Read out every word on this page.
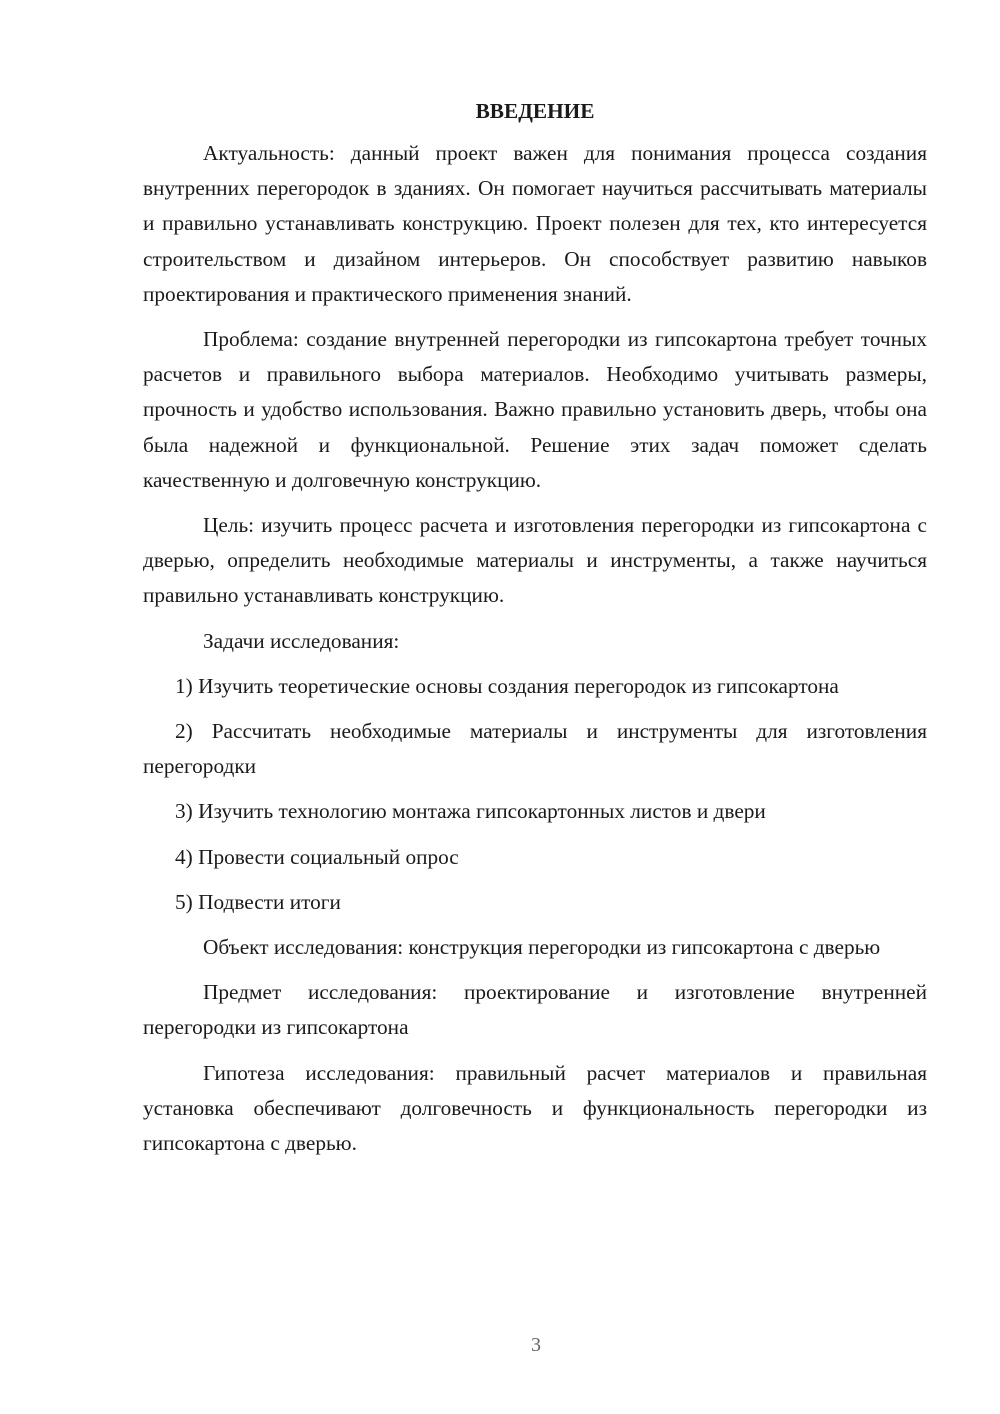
ВВЕДЕНИЕ

Актуальность: данный проект важен для понимания процесса создания внутренних перегородок в зданиях. Он помогает научиться рассчитывать материалы и правильно устанавливать конструкцию. Проект полезен для тех, кто интересуется строительством и дизайном интерьеров. Он способствует развитию навыков проектирования и практического применения знаний.

Проблема: создание внутренней перегородки из гипсокартона требует точных расчетов и правильного выбора материалов. Необходимо учитывать размеры, прочность и удобство использования. Важно правильно установить дверь, чтобы она была надежной и функциональной. Решение этих задач поможет сделать качественную и долговечную конструкцию.

Цель: изучить процесс расчета и изготовления перегородки из гипсокартона с дверью, определить необходимые материалы и инструменты, а также научиться правильно устанавливать конструкцию.

Задачи исследования:

1) Изучить теоретические основы создания перегородок из гипсокартона

2) Рассчитать необходимые материалы и инструменты для изготовления перегородки

3) Изучить технологию монтажа гипсокартонных листов и двери

4) Провести социальный опрос

5) Подвести итоги

Объект исследования: конструкция перегородки из гипсокартона с дверью

Предмет исследования: проектирование и изготовление внутренней перегородки из гипсокартона

Гипотеза исследования: правильный расчет материалов и правильная установка обеспечивают долговечность и функциональность перегородки из гипсокартона с дверью.

3
